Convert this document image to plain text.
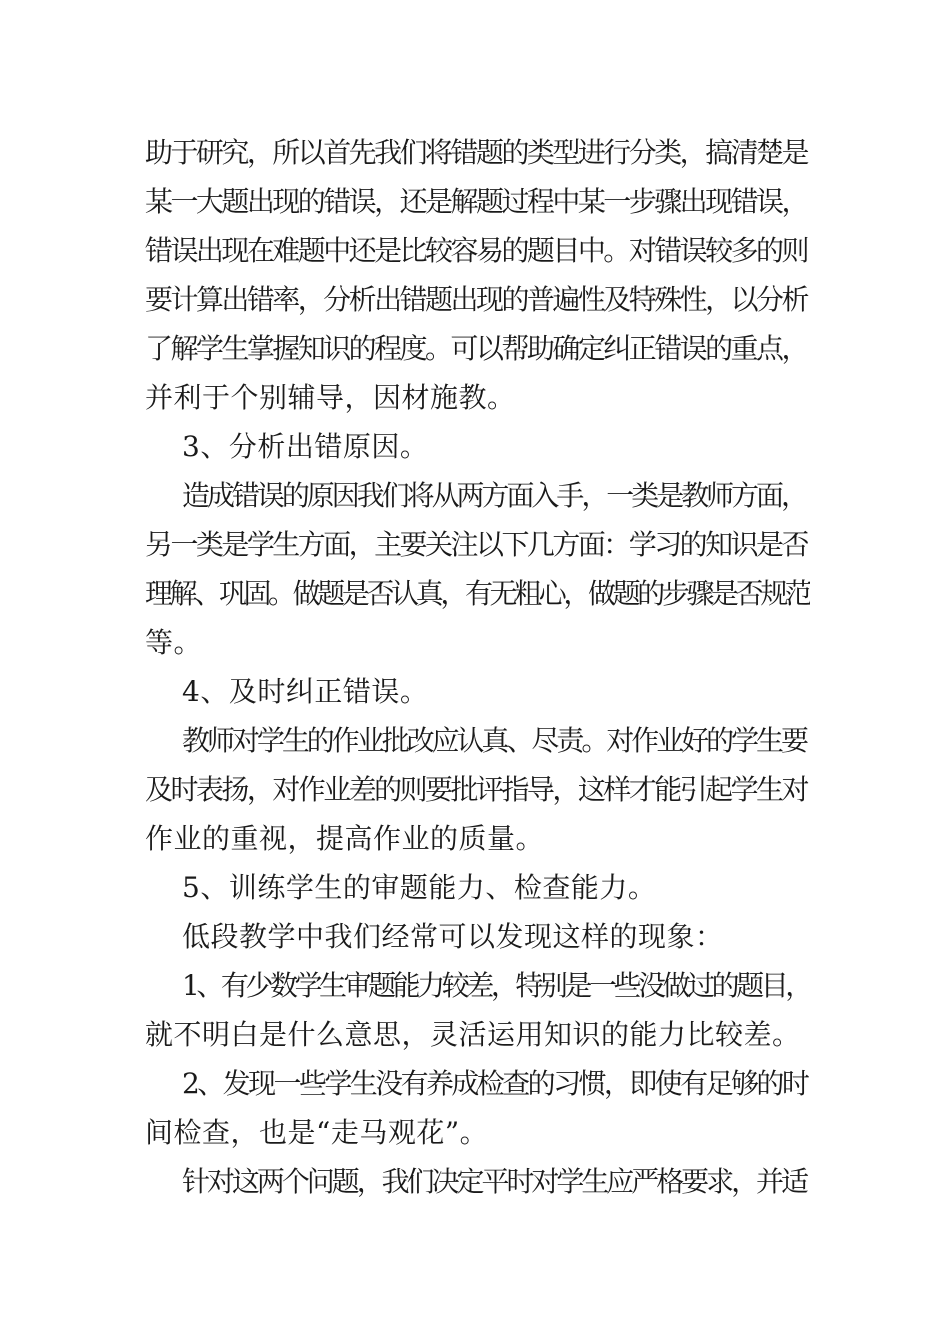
助于研究，所以首先我们将错题的类型进行分类，搞清楚是
某一大题出现的错误，还是解题过程中某一步骤出现错误，
错误出现在难题中还是比较容易的题目中。对错误较多的则
要计算出错率，分析出错题出现的普遍性及特殊性，以分析
了解学生掌握知识的程度。可以帮助确定纠正错误的重点，
并利于个别辅导，因材施教。
3、分析出错原因。
造成错误的原因我们将从两方面入手，一类是教师方面，
另一类是学生方面，主要关注以下几方面：学习的知识是否
理解、巩固。做题是否认真，有无粗心，做题的步骤是否规范
等。
4、及时纠正错误。
教师对学生的作业批改应认真、尽责。对作业好的学生要
及时表扬，对作业差的则要批评指导，这样才能引起学生对
作业的重视，提高作业的质量。
5、训练学生的审题能力、检查能力。
低段教学中我们经常可以发现这样的现象：
1、有少数学生审题能力较差，特别是一些没做过的题目，
就不明白是什么意思，灵活运用知识的能力比较差。
2、发现一些学生没有养成检查的习惯，即使有足够的时
间检查，也是“走马观花”。
针对这两个问题，我们决定平时对学生应严格要求，并适
